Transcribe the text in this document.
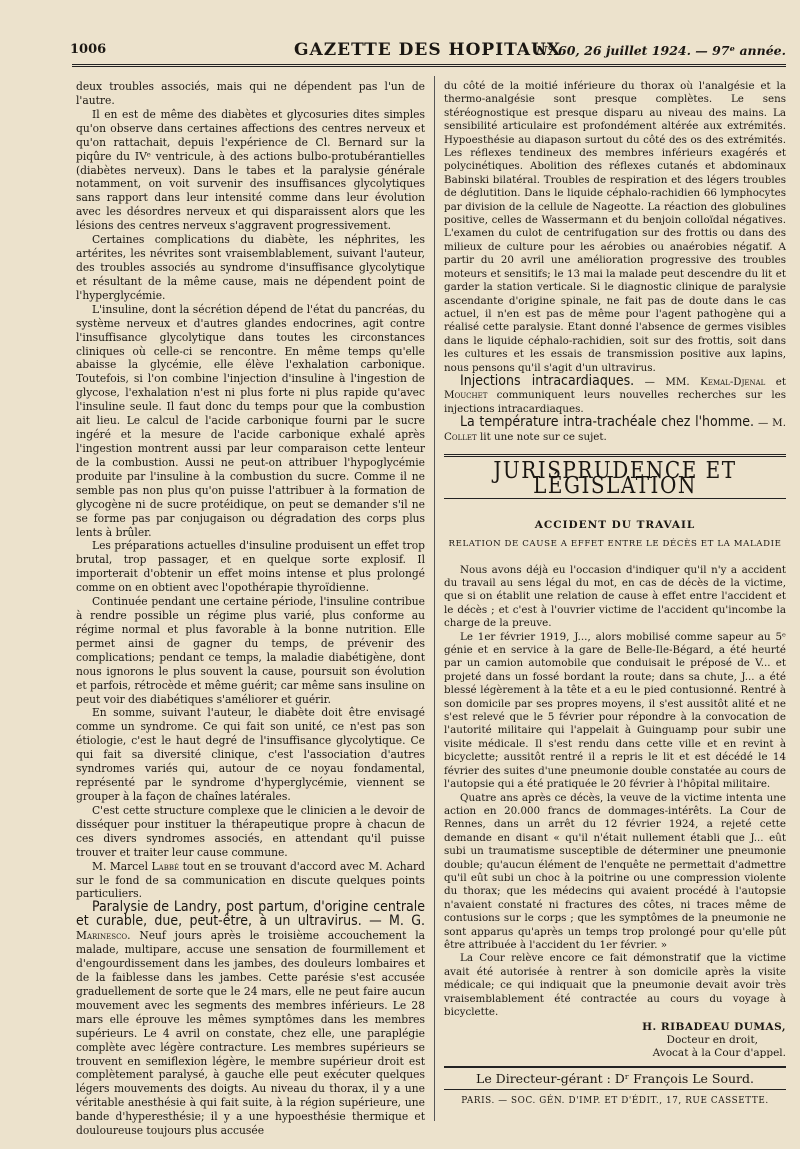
1006	GAZETTE DES HOPITAUX
N° 60, 26 juillet 1924. — 97ᵉ année.

deux troubles associés, mais qui ne dépendent pas l'un de l'autre.

Il en est de même des diabètes et glycosuries dites simples qu'on observe dans certaines affections des centres nerveux et qu'on rattachait, depuis l'expérience de Cl. Bernard sur la piqûre du IVᵉ ventricule, à des actions bulbo-protubérantielles (diabètes nerveux). Dans le tabes et la paralysie générale notamment, on voit survenir des insuffisances glycolytiques sans rapport dans leur intensité comme dans leur évolution avec les désordres nerveux et qui disparaissent alors que les lésions des centres nerveux s'aggravent progressivement.

Certaines complications du diabète, les néphrites, les artérites, les névrites sont vraisemblablement, suivant l'auteur, des troubles associés au syndrome d'insuffisance glycolytique et résultant de la même cause, mais ne dépendent point de l'hyperglycémie.

L'insuline, dont la sécrétion dépend de l'état du pancréas, du système nerveux et d'autres glandes endocrines, agit contre l'insuffisance glycolytique dans toutes les circonstances cliniques où celle-ci se rencontre. En même temps qu'elle abaisse la glycémie, elle élève l'exhalation carbonique. Toutefois, si l'on combine l'injection d'insuline à l'ingestion de glycose, l'exhalation n'est ni plus forte ni plus rapide qu'avec l'insuline seule. Il faut donc du temps pour que la combustion ait lieu. Le calcul de l'acide carbonique fourni par le sucre ingéré et la mesure de l'acide carbonique exhalé après l'ingestion montrent aussi par leur comparaison cette lenteur de la combustion. Aussi ne peut-on attribuer l'hypoglycémie produite par l'insuline à la combustion du sucre. Comme il ne semble pas non plus qu'on puisse l'attribuer à la formation de glycogène ni de sucre protéidique, on peut se demander s'il ne se forme pas par conjugaison ou dégradation des corps plus lents à brûler.

Les préparations actuelles d'insuline produisent un effet trop brutal, trop passager, et en quelque sorte explosif. Il importerait d'obtenir un effet moins intense et plus prolongé comme on en obtient avec l'opothérapie thyroïdienne.

Continuée pendant une certaine période, l'insuline contribue à rendre possible un régime plus varié, plus conforme au régime normal et plus favorable à la bonne nutrition. Elle permet ainsi de gagner du temps, de prévenir des complications; pendant ce temps, la maladie diabétigène, dont nous ignorons le plus souvent la cause, poursuit son évolution et parfois, rétrocède et même guérit; car même sans insuline on peut voir des diabétiques s'améliorer et guérir.

En somme, suivant l'auteur, le diabète doit être envisagé comme un syndrome. Ce qui fait son unité, ce n'est pas son étiologie, c'est le haut degré de l'insuffisance glycolytique. Ce qui fait sa diversité clinique, c'est l'association d'autres syndromes variés qui, autour de ce noyau fondamental, représenté par le syndrome d'hyperglycémie, viennent se grouper à la façon de chaînes latérales.

C'est cette structure complexe que le clinicien a le devoir de disséquer pour instituer la thérapeutique propre à chacun de ces divers syndromes associés, en attendant qu'il puisse trouver et traiter leur cause commune.

M. Marcel Labbé tout en se trouvant d'accord avec M. Achard sur le fond de sa communication en discute quelques points particuliers.

Paralysie de Landry, post partum, d'origine centrale et curable, due, peut-être, à un ultravirus. — M. G. Marinesco. Neuf jours après le troisième accouchement la malade, multipare, accuse une sensation de fourmillement et d'engourdissement dans les jambes, des douleurs lombaires et de la faiblesse dans les jambes. Cette parésie s'est accusée graduellement de sorte que le 24 mars, elle ne peut faire aucun mouvement avec les segments des membres inférieurs. Le 28 mars elle éprouve les mêmes symptômes dans les membres supérieurs. Le 4 avril on constate, chez elle, une paraplégie complète avec légère contracture. Les membres supérieurs se trouvent en semiflexion légère, le membre supérieur droit est complètement paralysé, à gauche elle peut exécuter quelques légers mouvements des doigts. Au niveau du thorax, il y a une véritable anesthésie à qui fait suite, à la région supérieure, une bande d'hyperesthésie; il y a une hypoesthésie thermique et douloureuse toujours plus accusée

du côté de la moitié inférieure du thorax où l'analgésie et la thermo-analgésie sont presque complètes. Le sens stéréognostique est presque disparu au niveau des mains. La sensibilité articulaire est profondément altérée aux extrémités. Hypoesthésie au diapason surtout du côté des os des extrémités. Les réflexes tendineux des membres inférieurs exagérés et polycinétiques. Abolition des réflexes cutanés et abdominaux Babinski bilatéral. Troubles de respiration et des légers troubles de déglutition. Dans le liquide céphalo-rachidien 66 lymphocytes par division de la cellule de Nageotte. La réaction des globulines positive, celles de Wassermann et du benjoin colloïdal négatives. L'examen du culot de centrifugation sur des frottis ou dans des milieux de culture pour les aérobies ou anaérobies négatif. A partir du 20 avril une amélioration progressive des troubles moteurs et sensitifs; le 13 mai la malade peut descendre du lit et garder la station verticale. Si le diagnostic clinique de paralysie ascendante d'origine spinale, ne fait pas de doute dans le cas actuel, il n'en est pas de même pour l'agent pathogène qui a réalisé cette paralysie. Etant donné l'absence de germes visibles dans le liquide céphalo-rachidien, soit sur des frottis, soit dans les cultures et les essais de transmission positive aux lapins, nous pensons qu'il s'agit d'un ultravirus.

Injections intracardiaques. — MM. Kemal-Djenal et Mouchet communiquent leurs nouvelles recherches sur les injections intracardiaques.

La température intra-trachéale chez l'homme. — M. Collet lit une note sur ce sujet.

JURISPRUDENCE ET LÉGISLATION
ACCIDENT DU TRAVAIL
RELATION DE CAUSE A EFFET ENTRE LE DÉCÈS ET LA MALADIE

Nous avons déjà eu l'occasion d'indiquer qu'il n'y a accident du travail au sens légal du mot, en cas de décès de la victime, que si on établit une relation de cause à effet entre l'accident et le décès ; et c'est à l'ouvrier victime de l'accident qu'incombe la charge de la preuve.

Le 1er février 1919, J..., alors mobilisé comme sapeur au 5ᵉ génie et en service à la gare de Belle-Ile-Bégard, a été heurté par un camion automobile que conduisait le préposé de V... et projeté dans un fossé bordant la route; dans sa chute, J... a été blessé légèrement à la tête et a eu le pied contusionné. Rentré à son domicile par ses propres moyens, il s'est aussitôt alité et ne s'est relevé que le 5 février pour répondre à la convocation de l'autorité militaire qui l'appelait à Guinguamp pour subir une visite médicale. Il s'est rendu dans cette ville et en revint à bicyclette; aussitôt rentré il a repris le lit et est décédé le 14 février des suites d'une pneumonie double constatée au cours de l'autopsie qui a été pratiquée le 20 février à l'hôpital militaire.

Quatre ans après ce décès, la veuve de la victime intenta une action en 20.000 francs de dommages-intérêts. La Cour de Rennes, dans un arrêt du 12 février 1924, a rejeté cette demande en disant « qu'il n'était nullement établi que J... eût subi un traumatisme susceptible de déterminer une pneumonie double; qu'aucun élément de l'enquête ne permettait d'admettre qu'il eût subi un choc à la poitrine ou une compression violente du thorax; que les médecins qui avaient procédé à l'autopsie n'avaient constaté ni fractures des côtes, ni traces même de contusions sur le corps ; que les symptômes de la pneumonie ne sont apparus qu'après un temps trop prolongé pour qu'elle pût être attribuée à l'accident du 1er février. »

La Cour relève encore ce fait démonstratif que la victime avait été autorisée à rentrer à son domicile après la visite médicale; ce qui indiquait que la pneumonie devait avoir très vraisemblablement été contractée au cours du voyage à bicyclette.

H. RIBADEAU DUMAS,
Docteur en droit,
Avocat à la Cour d'appel.
Le Directeur-gérant : Dʳ François Le Sourd.
PARIS. — SOC. GÉN. D'IMP. ET D'ÉDIT., 17, RUE CASSETTE.
